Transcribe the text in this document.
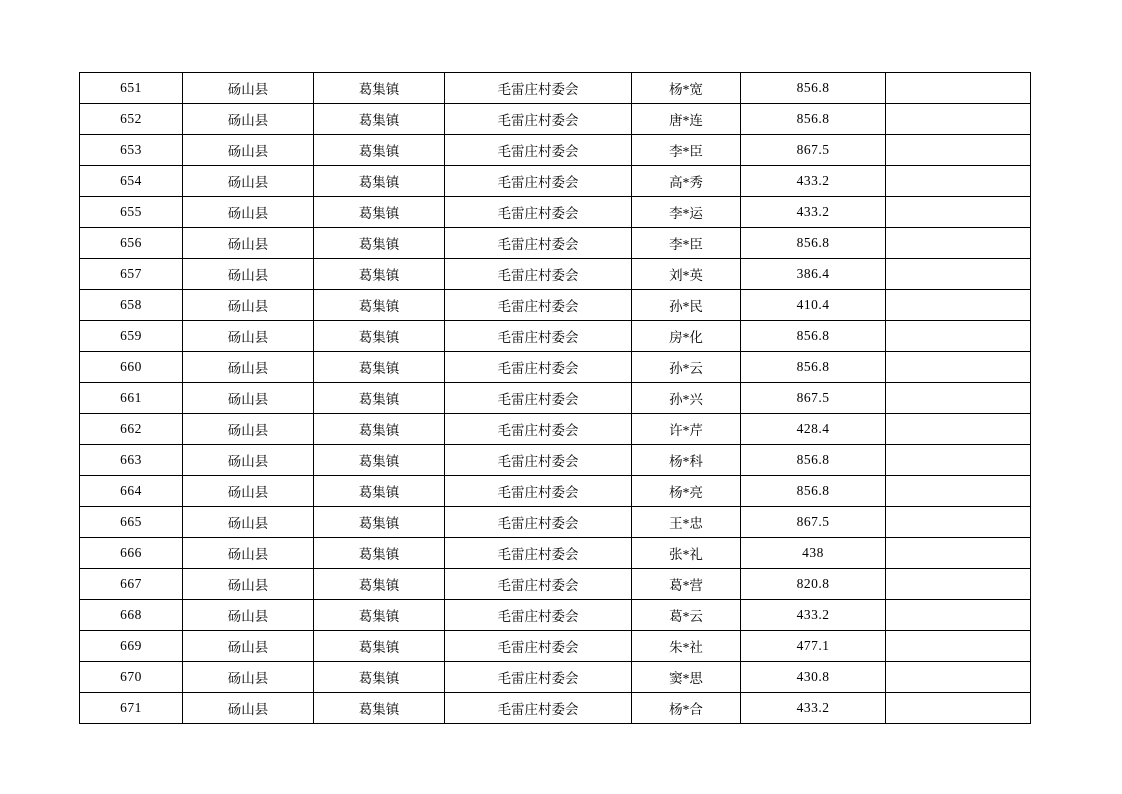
651	砀山县	葛集镇	毛雷庄村委会	杨*宽	856.8	
652	砀山县	葛集镇	毛雷庄村委会	唐*连	856.8	
653	砀山县	葛集镇	毛雷庄村委会	李*臣	867.5	
654	砀山县	葛集镇	毛雷庄村委会	高*秀	433.2	
655	砀山县	葛集镇	毛雷庄村委会	李*运	433.2	
656	砀山县	葛集镇	毛雷庄村委会	李*臣	856.8	
657	砀山县	葛集镇	毛雷庄村委会	刘*英	386.4	
658	砀山县	葛集镇	毛雷庄村委会	孙*民	410.4	
659	砀山县	葛集镇	毛雷庄村委会	房*化	856.8	
660	砀山县	葛集镇	毛雷庄村委会	孙*云	856.8	
661	砀山县	葛集镇	毛雷庄村委会	孙*兴	867.5	
662	砀山县	葛集镇	毛雷庄村委会	许*芹	428.4	
663	砀山县	葛集镇	毛雷庄村委会	杨*科	856.8	
664	砀山县	葛集镇	毛雷庄村委会	杨*亮	856.8	
665	砀山县	葛集镇	毛雷庄村委会	王*忠	867.5	
666	砀山县	葛集镇	毛雷庄村委会	张*礼	438	
667	砀山县	葛集镇	毛雷庄村委会	葛*营	820.8	
668	砀山县	葛集镇	毛雷庄村委会	葛*云	433.2	
669	砀山县	葛集镇	毛雷庄村委会	朱*社	477.1	
670	砀山县	葛集镇	毛雷庄村委会	窦*思	430.8	
671	砀山县	葛集镇	毛雷庄村委会	杨*合	433.2	
